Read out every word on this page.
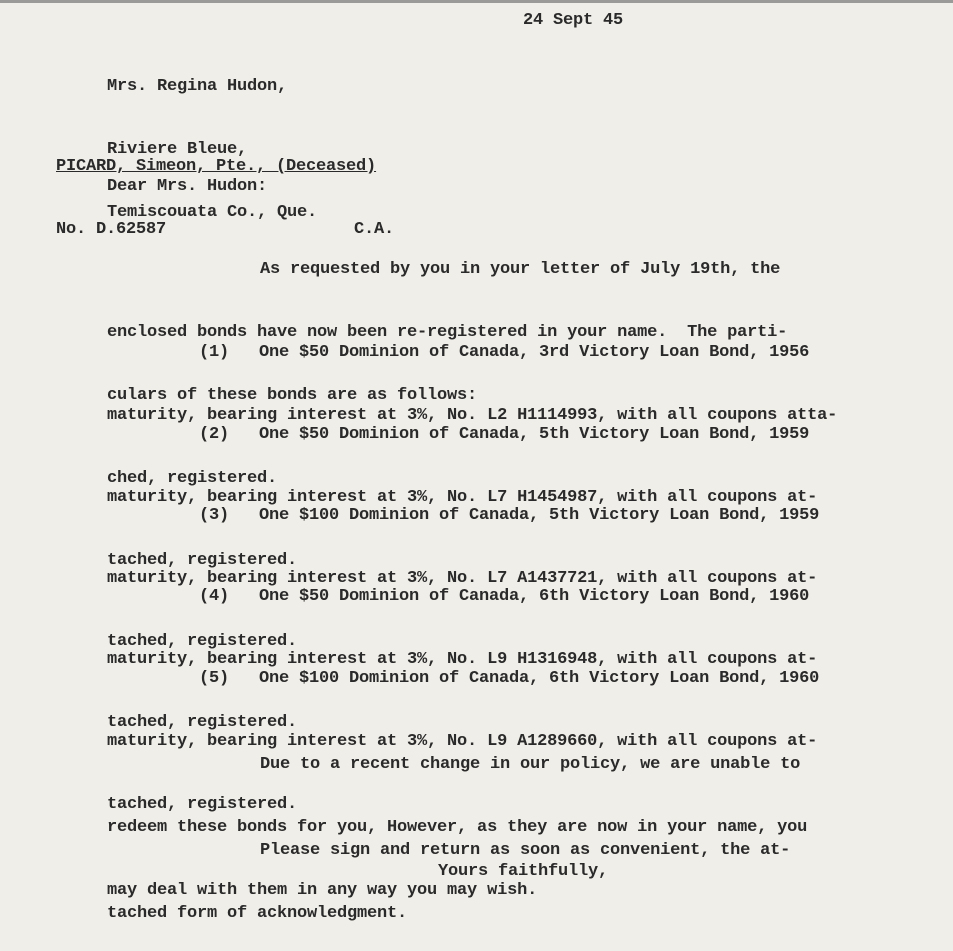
24 Sept 45

Mrs. Regina Hudon,

Riviere Bleue,

Temiscouata Co., Que.

PICARD, Simeon, Pte., (Deceased)

No. D.62587	C.A.

Dear Mrs. Hudon:

As requested by you in your letter of July 19th, the

enclosed bonds have now been re-registered in your name.  The parti-

culars of these bonds are as follows:

(1)   One $50 Dominion of Canada, 3rd Victory Loan Bond, 1956

maturity, bearing interest at 3%, No. L2 H1114993, with all coupons atta-

ched, registered.

(2)   One $50 Dominion of Canada, 5th Victory Loan Bond, 1959

maturity, bearing interest at 3%, No. L7 H1454987, with all coupons at-

tached, registered.

(3)   One $100 Dominion of Canada, 5th Victory Loan Bond, 1959

maturity, bearing interest at 3%, No. L7 A1437721, with all coupons at-

tached, registered.

(4)   One $50 Dominion of Canada, 6th Victory Loan Bond, 1960

maturity, bearing interest at 3%, No. L9 H1316948, with all coupons at-

tached, registered.

(5)   One $100 Dominion of Canada, 6th Victory Loan Bond, 1960

maturity, bearing interest at 3%, No. L9 A1289660, with all coupons at-

tached, registered.

Due to a recent change in our policy, we are unable to

redeem these bonds for you, However, as they are now in your name, you

may deal with them in any way you may wish.

Please sign and return as soon as convenient, the at-

tached form of acknowledgment.

Yours faithfully,
